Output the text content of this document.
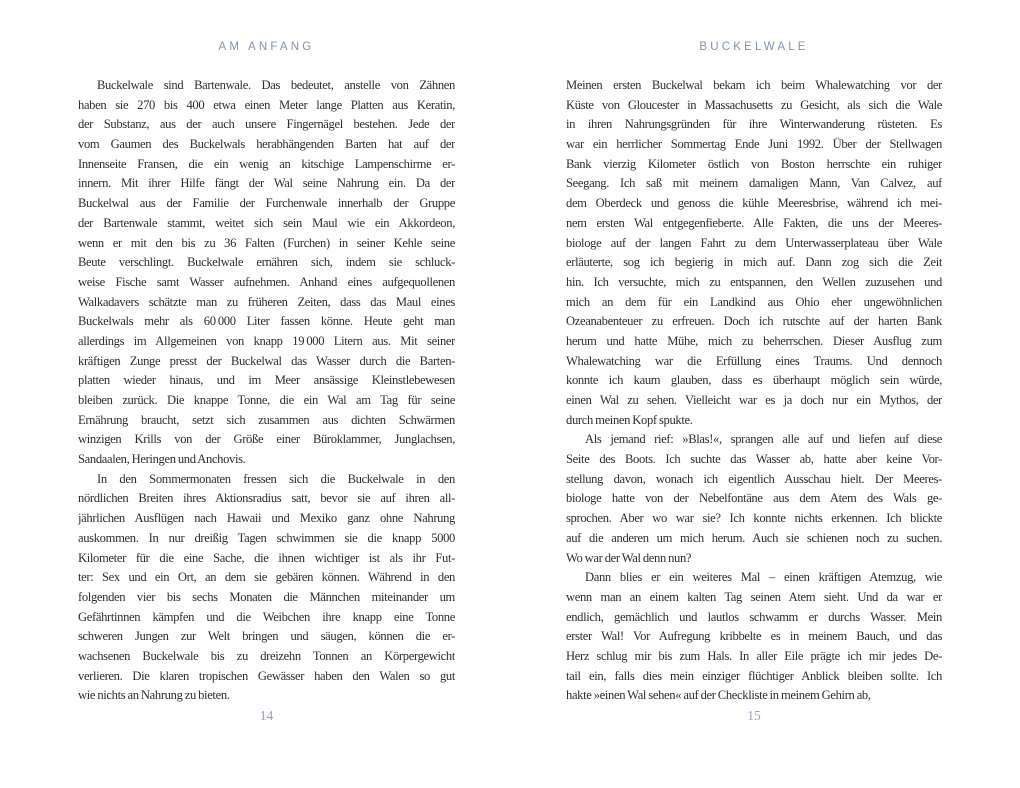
AM ANFANG
Buckelwale sind Bartenwale. Das bedeutet, anstelle von Zähnen
haben sie 270 bis 400 etwa einen Meter lange Platten aus Keratin,
der Substanz, aus der auch unsere Fingernägel bestehen. Jede der
vom Gaumen des Buckelwals herabhängenden Barten hat auf der
Innenseite Fransen, die ein wenig an kitschige Lampenschirme er-
innern. Mit ihrer Hilfe fängt der Wal seine Nahrung ein. Da der
Buckelwal aus der Familie der Furchenwale innerhalb der Gruppe
der Bartenwale stammt, weitet sich sein Maul wie ein Akkordeon,
wenn er mit den bis zu 36 Falten (Furchen) in seiner Kehle seine
Beute verschlingt. Buckelwale ernähren sich, indem sie schluck-
weise Fische samt Wasser aufnehmen. Anhand eines aufgequollenen
Walkadavers schätzte man zu früheren Zeiten, dass das Maul eines
Buckelwals mehr als 60 000 Liter fassen könne. Heute geht man
allerdings im Allgemeinen von knapp 19 000 Litern aus. Mit seiner
kräftigen Zunge presst der Buckelwal das Wasser durch die Barten-
platten wieder hinaus, und im Meer ansässige Kleinstlebewesen
bleiben zurück. Die knappe Tonne, die ein Wal am Tag für seine
Ernährung braucht, setzt sich zusammen aus dichten Schwärmen
winzigen Krills von der Größe einer Büroklammer, Junglachsen,
Sandaalen, Heringen und Anchovis.
In den Sommermonaten fressen sich die Buckelwale in den
nördlichen Breiten ihres Aktionsradius satt, bevor sie auf ihren all-
jährlichen Ausflügen nach Hawaii und Mexiko ganz ohne Nahrung
auskommen. In nur dreißig Tagen schwimmen sie die knapp 5000
Kilometer für die eine Sache, die ihnen wichtiger ist als ihr Fut-
ter: Sex und ein Ort, an dem sie gebären können. Während in den
folgenden vier bis sechs Monaten die Männchen miteinander um
Gefährtinnen kämpfen und die Weibchen ihre knapp eine Tonne
schweren Jungen zur Welt bringen und säugen, können die er-
wachsenen Buckelwale bis zu dreizehn Tonnen an Körpergewicht
verlieren. Die klaren tropischen Gewässer haben den Walen so gut
wie nichts an Nahrung zu bieten.
14
BUCKELWALE
Meinen ersten Buckelwal bekam ich beim Whalewatching vor der
Küste von Gloucester in Massachusetts zu Gesicht, als sich die Wale
in ihren Nahrungsgründen für ihre Winterwanderung rüsteten. Es
war ein herrlicher Sommertag Ende Juni 1992. Über der Stellwagen
Bank vierzig Kilometer östlich von Boston herrschte ein ruhiger
Seegang. Ich saß mit meinem damaligen Mann, Van Calvez, auf
dem Oberdeck und genoss die kühle Meeresbrise, während ich mei-
nem ersten Wal entgegenfieberte. Alle Fakten, die uns der Meeres-
biologe auf der langen Fahrt zu dem Unterwasserplateau über Wale
erläuterte, sog ich begierig in mich auf. Dann zog sich die Zeit
hin. Ich versuchte, mich zu entspannen, den Wellen zuzusehen und
mich an dem für ein Landkind aus Ohio eher ungewöhnlichen
Ozeanabenteuer zu erfreuen. Doch ich rutschte auf der harten Bank
herum und hatte Mühe, mich zu beherrschen. Dieser Ausflug zum
Whalewatching war die Erfüllung eines Traums. Und dennoch
konnte ich kaum glauben, dass es überhaupt möglich sein würde,
einen Wal zu sehen. Vielleicht war es ja doch nur ein Mythos, der
durch meinen Kopf spukte.
Als jemand rief: »Blas!«, sprangen alle auf und liefen auf diese
Seite des Boots. Ich suchte das Wasser ab, hatte aber keine Vor-
stellung davon, wonach ich eigentlich Ausschau hielt. Der Meeres-
biologe hatte von der Nebelfontäne aus dem Atem des Wals ge-
sprochen. Aber wo war sie? Ich konnte nichts erkennen. Ich blickte
auf die anderen um mich herum. Auch sie schienen noch zu suchen.
Wo war der Wal denn nun?
Dann blies er ein weiteres Mal – einen kräftigen Atemzug, wie
wenn man an einem kalten Tag seinen Atem sieht. Und da war er
endlich, gemächlich und lautlos schwamm er durchs Wasser. Mein
erster Wal! Vor Aufregung kribbelte es in meinem Bauch, und das
Herz schlug mir bis zum Hals. In aller Eile prägte ich mir jedes De-
tail ein, falls dies mein einziger flüchtiger Anblick bleiben sollte. Ich
hakte »einen Wal sehen« auf der Checkliste in meinem Gehirn ab,
15
